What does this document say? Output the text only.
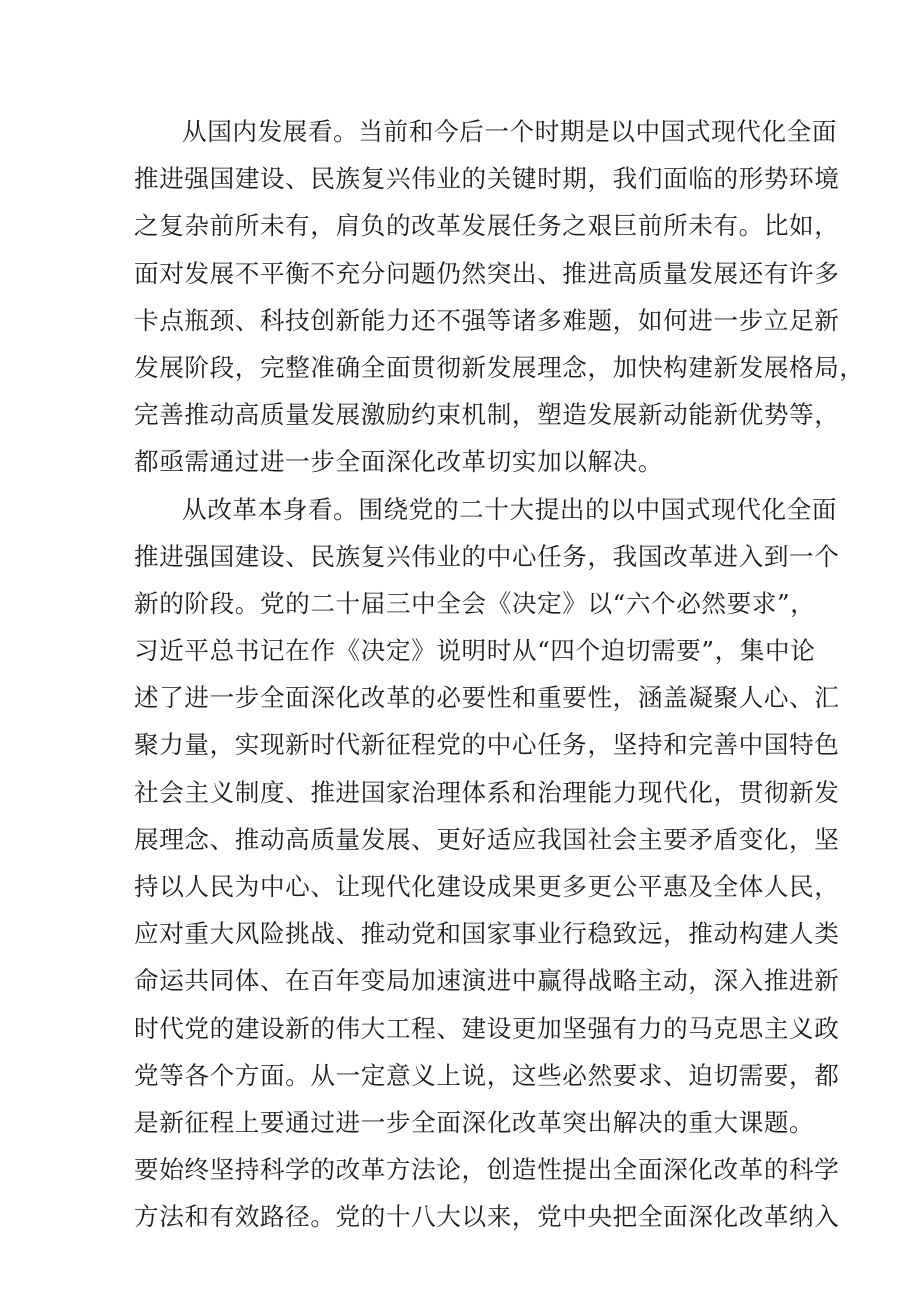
从国内发展看。当前和今后一个时期是以中国式现代化全面
推进强国建设、民族复兴伟业的关键时期，我们面临的形势环境
之复杂前所未有，肩负的改革发展任务之艰巨前所未有。比如，
面对发展不平衡不充分问题仍然突出、推进高质量发展还有许多
卡点瓶颈、科技创新能力还不强等诸多难题，如何进一步立足新
发展阶段，完整准确全面贯彻新发展理念，加快构建新发展格局，
完善推动高质量发展激励约束机制，塑造发展新动能新优势等，
都亟需通过进一步全面深化改革切实加以解决。

从改革本身看。围绕党的二十大提出的以中国式现代化全面
推进强国建设、民族复兴伟业的中心任务，我国改革进入到一个
新的阶段。党的二十届三中全会《决定》以“六个必然要求”，
习近平总书记在作《决定》说明时从“四个迫切需要”，集中论
述了进一步全面深化改革的必要性和重要性，涵盖凝聚人心、汇
聚力量，实现新时代新征程党的中心任务，坚持和完善中国特色
社会主义制度、推进国家治理体系和治理能力现代化，贯彻新发
展理念、推动高质量发展、更好适应我国社会主要矛盾变化，坚
持以人民为中心、让现代化建设成果更多更公平惠及全体人民，
应对重大风险挑战、推动党和国家事业行稳致远，推动构建人类
命运共同体、在百年变局加速演进中赢得战略主动，深入推进新
时代党的建设新的伟大工程、建设更加坚强有力的马克思主义政
党等各个方面。从一定意义上说，这些必然要求、迫切需要，都
是新征程上要通过进一步全面深化改革突出解决的重大课题。

要始终坚持科学的改革方法论，创造性提出全面深化改革的科学
方法和有效路径。党的十八大以来，党中央把全面深化改革纳入
